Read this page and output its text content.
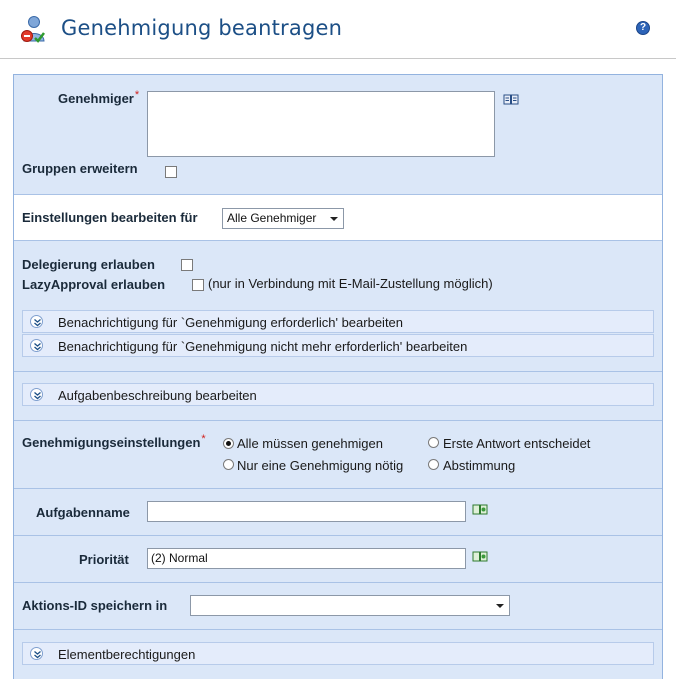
Genehmigung beantragen	?
Genehmiger*
Gruppen erweitern
Einstellungen bearbeiten für	Alle Genehmiger
Delegierung erlauben
LazyApproval erlauben	(nur in Verbindung mit E-Mail-Zustellung möglich)
Benachrichtigung für `Genehmigung erforderlich' bearbeiten
Benachrichtigung für `Genehmigung nicht mehr erforderlich' bearbeiten
Aufgabenbeschreibung bearbeiten
Genehmigungseinstellungen* Alle müssen genehmigen	Erste Antwort entscheidet
Nur eine Genehmigung nötig	Abstimmung
Aufgabenname
Priorität	(2) Normal
Aktions-ID speichern in
Elementberechtigungen
